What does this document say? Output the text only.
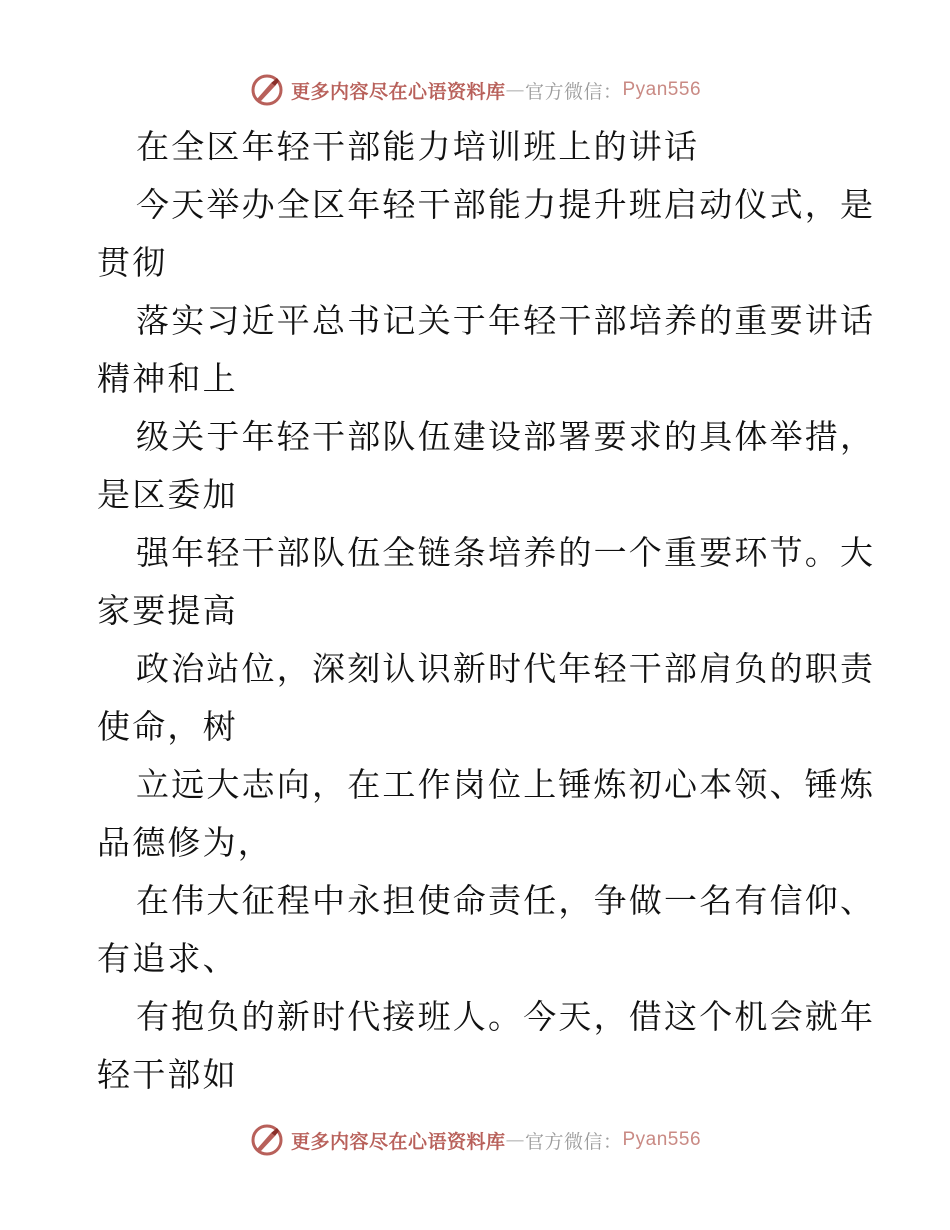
更多内容尽在心语资料库 — 官方微信： Pyan556
在全区年轻干部能力培训班上的讲话
今天举办全区年轻干部能力提升班启动仪式，是
贯彻
落实习近平总书记关于年轻干部培养的重要讲话
精神和上
级关于年轻干部队伍建设部署要求的具体举措，
是区委加
强年轻干部队伍全链条培养的一个重要环节。大
家要提高
政治站位，深刻认识新时代年轻干部肩负的职责
使命，树
立远大志向，在工作岗位上锤炼初心本领、锤炼
品德修为，
在伟大征程中永担使命责任，争做一名有信仰、
有追求、
有抱负的新时代接班人。今天，借这个机会就年
轻干部如
更多内容尽在心语资料库 — 官方微信： Pyan556
